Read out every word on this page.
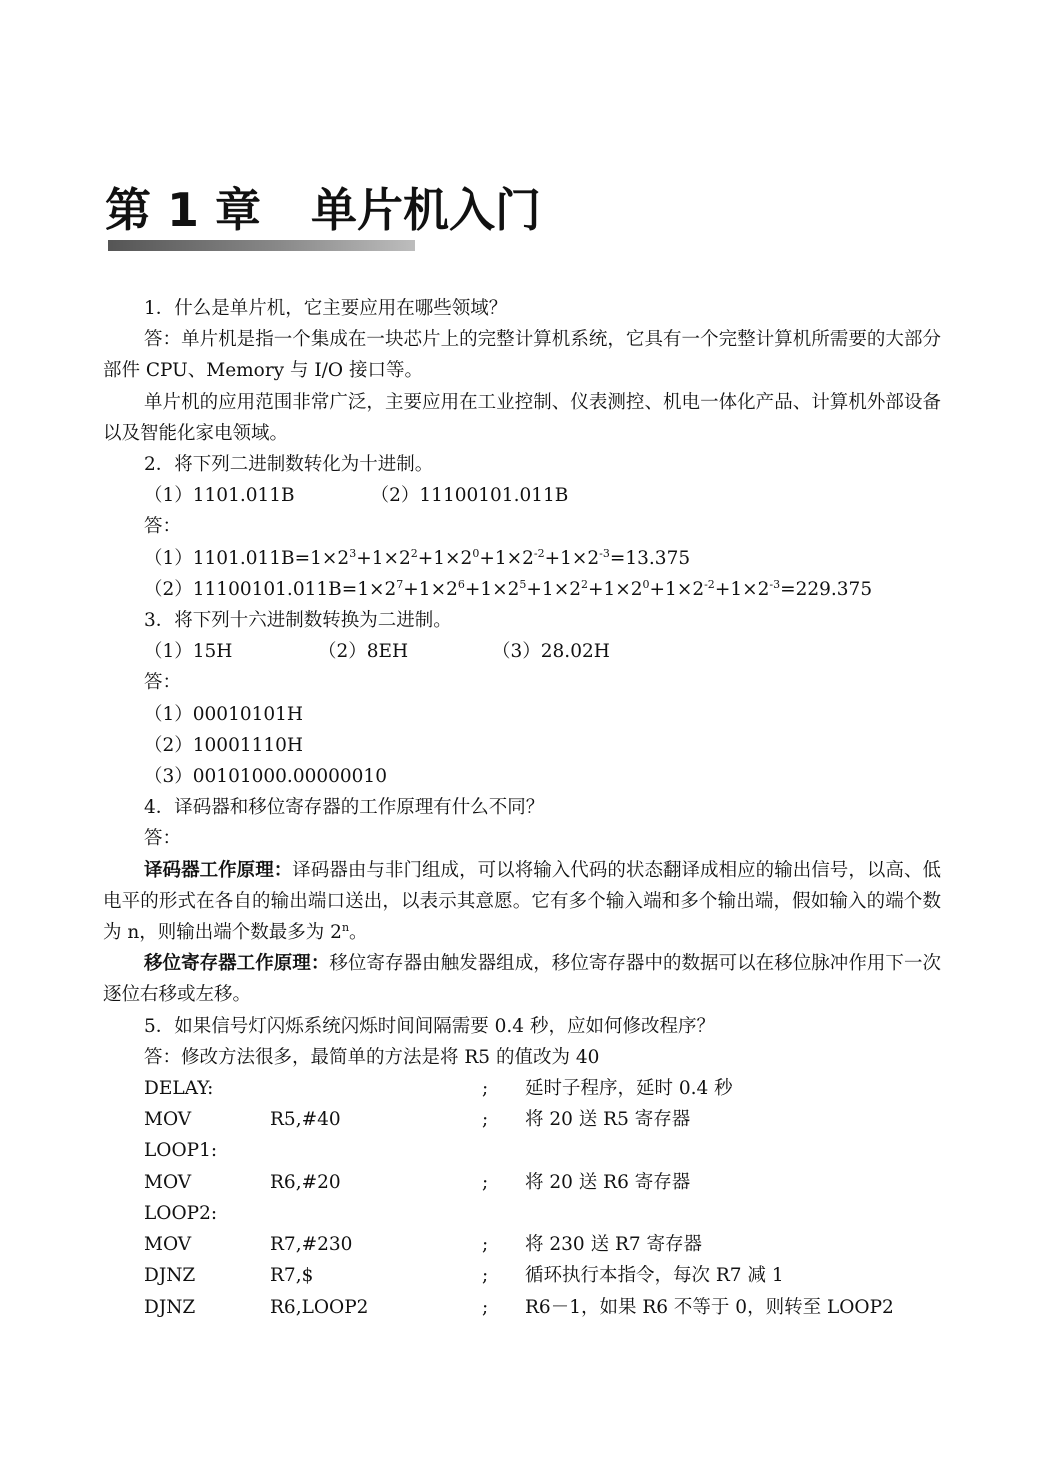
第 1 章 单片机入门

1．什么是单片机，它主要应用在哪些领域？

答：单片机是指一个集成在一块芯片上的完整计算机系统，它具有一个完整计算机所需要的大部分部件 CPU、Memory 与 I/O 接口等。

单片机的应用范围非常广泛，主要应用在工业控制、仪表测控、机电一体化产品、计算机外部设备以及智能化家电领域。

2．将下列二进制数转化为十进制。

（1）1101.011B	（2）11100101.011B

答：

$(1)1101.011B=1\times 2^3+1\times 2^2+1\times 2^0+1\times 2^{-2}+1\times 2^{-3}=13.375$

$(2)11100101.011B=1\times 2^7+1\times 2^6+1\times 2^5+1\times 2^2+1\times 2^0+1\times 2^{-2}+1\times 2^{-3}=229.375$

3．将下列十六进制数转换为二进制。

（1）15H	（2）8EH	（3）28.02H

答：

（1）00010101H

（2）10001110H

（3）00101000.00000010

4．译码器和移位寄存器的工作原理有什么不同？

答：

译码器工作原理：译码器由与非门组成，可以将输入代码的状态翻译成相应的输出信号，以高、低电平的形式在各自的输出端口送出，以表示其意愿。它有多个输入端和多个输出端，假如输入的端个数为 n，则输出端个数最多为 2$^n$。

移位寄存器工作原理：移位寄存器由触发器组成，移位寄存器中的数据可以在移位脉冲作用下一次逐位右移或左移。

5．如果信号灯闪烁系统闪烁时间间隔需要 0.4 秒，应如何修改程序？

答：修改方法很多，最简单的方法是将 R5 的值改为 40

DELAY:	; 延时子程序，延时 0.4 秒
MOV	R5,#40	; 将 20 送 R5 寄存器
LOOP1:
MOV	R6,#20	; 将 20 送 R6 寄存器
LOOP2:
MOV	R7,#230	; 将 230 送 R7 寄存器
DJNZ	R7,$	; 循环执行本指令，每次 R7 减 1
DJNZ	R6,LOOP2	; R6－1，如果 R6 不等于 0，则转至 LOOP2
